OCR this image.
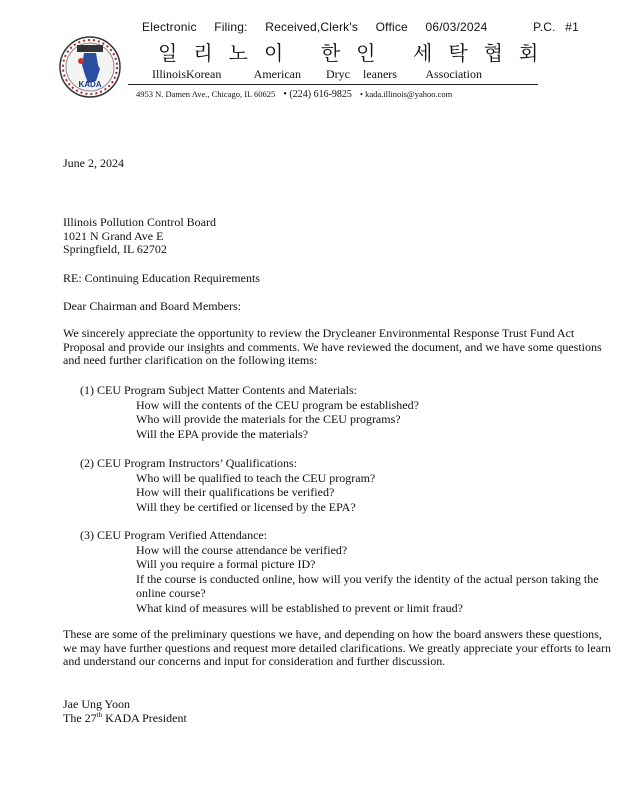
Electronic Filing: Received,Clerk's Office 06/03/2024	P.C. #1
KADA
일리노이 한인 세탁협회
IllinoisKorean	American Dryc leaners Association
4953 N. Damen Ave., Chicago, IL 60625 • (224) 616-9825 • kada.illinois@yahoo.com
June 2, 2024
Illinois Pollution Control Board
1021 N Grand Ave E
Springfield, IL 62702
RE: Continuing Education Requirements
Dear Chairman and Board Members:
We sincerely appreciate the opportunity to review the Drycleaner Environmental Response Trust Fund Act Proposal and provide our insights and comments. We have reviewed the document, and we have some questions and need further clarification on the following items:

(1) CEU Program Subject Matter Contents and Materials:

How will the contents of the CEU program be established?
Who will provide the materials for the CEU programs?
Will the EPA provide the materials?

(2) CEU Program Instructors’ Qualifications:

Who will be qualified to teach the CEU program?
How will their qualifications be verified?
Will they be certified or licensed by the EPA?

(3) CEU Program Verified Attendance:

How will the course attendance be verified?
Will you require a formal picture ID?
If the course is conducted online, how will you verify the identity of the actual person taking the online course?
What kind of measures will be established to prevent or limit fraud?
These are some of the preliminary questions we have, and depending on how the board answers these questions, we may have further questions and request more detailed clarifications. We greatly appreciate your efforts to learn and understand our concerns and input for consideration and further discussion.
Jae Ung Yoon
The 27th KADA President
